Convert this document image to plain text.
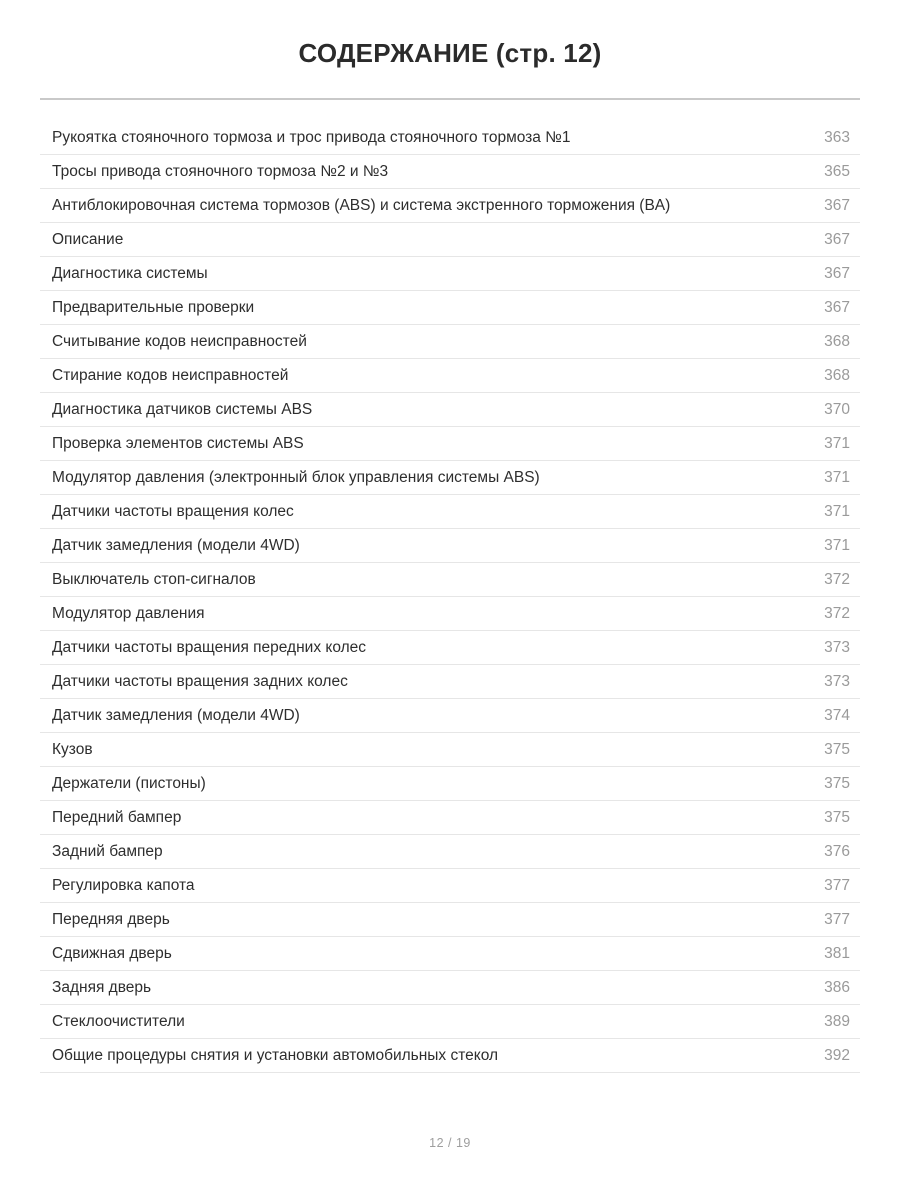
СОДЕРЖАНИЕ (стр. 12)
Рукоятка стояночного тормоза и трос привода стояночного тормоза №1	363
Тросы привода стояночного тормоза №2 и №3	365
Антиблокировочная система тормозов (ABS) и система экстренного торможения (BA)	367
Описание	367
Диагностика системы	367
Предварительные проверки	367
Считывание кодов неисправностей	368
Стирание кодов неисправностей	368
Диагностика датчиков системы ABS	370
Проверка элементов системы ABS	371
Модулятор давления (электронный блок управления системы ABS)	371
Датчики частоты вращения колес	371
Датчик замедления (модели 4WD)	371
Выключатель стоп-сигналов	372
Модулятор давления	372
Датчики частоты вращения передних колес	373
Датчики частоты вращения задних колес	373
Датчик замедления (модели 4WD)	374
Кузов	375
Держатели (пистоны)	375
Передний бампер	375
Задний бампер	376
Регулировка капота	377
Передняя дверь	377
Сдвижная дверь	381
Задняя дверь	386
Стеклоочистители	389
Общие процедуры снятия и установки автомобильных стекол	392
12 / 19
